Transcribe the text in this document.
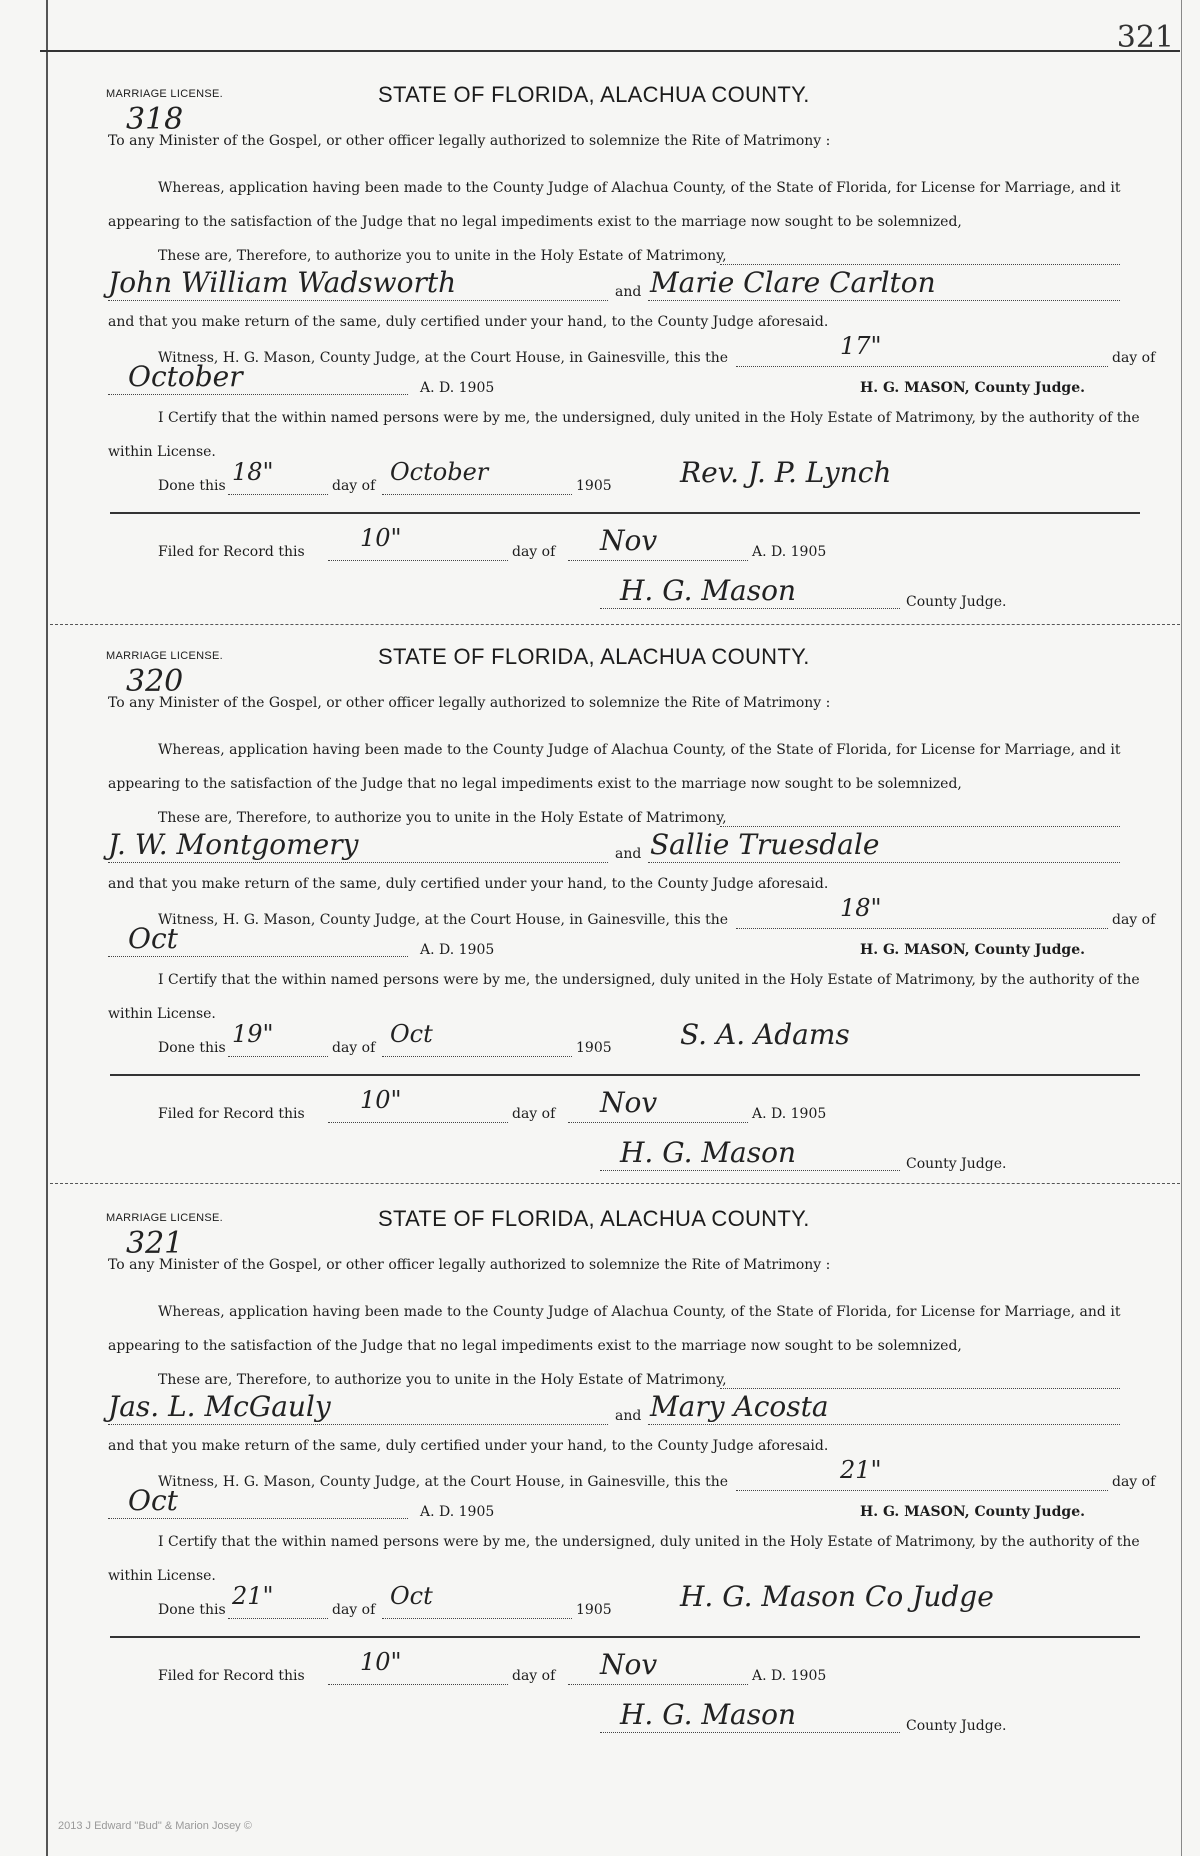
321
MARRIAGE LICENSE.
318
STATE OF FLORIDA, ALACHUA COUNTY.
To any Minister of the Gospel, or other officer legally authorized to solemnize the Rite of Matrimony :
Whereas, application having been made to the County Judge of Alachua County, of the State of Florida, for License for Marriage, and it
appearing to the satisfaction of the Judge that no legal impediments exist to the marriage now sought to be solemnized,
These are, Therefore, to authorize you to unite in the Holy Estate of Matrimony,
John William Wadsworth	and Marie Clare Carlton
and that you make return of the same, duly certified under your hand, to the County Judge aforesaid.
Witness, H. G. Mason, County Judge, at the Court House, in Gainesville, this the	17"	day of
October	A. D. 1905	H. G. MASON, County Judge.
I Certify that the within named persons were by me, the undersigned, duly united in the Holy Estate of Matrimony, by the authority of the
within License.
Done this 18"	day of October	1905 Rev. J. P. Lynch
Filed for Record this 10"	day of Nov	A. D. 1905
H. G. Mason	County Judge.
MARRIAGE LICENSE.
320
STATE OF FLORIDA, ALACHUA COUNTY.
To any Minister of the Gospel, or other officer legally authorized to solemnize the Rite of Matrimony :
Whereas, application having been made to the County Judge of Alachua County, of the State of Florida, for License for Marriage, and it
appearing to the satisfaction of the Judge that no legal impediments exist to the marriage now sought to be solemnized,
These are, Therefore, to authorize you to unite in the Holy Estate of Matrimony,
J. W. Montgomery	and Sallie Truesdale
and that you make return of the same, duly certified under your hand, to the County Judge aforesaid.
Witness, H. G. Mason, County Judge, at the Court House, in Gainesville, this the	18"	day of
Oct	A. D. 1905	H. G. MASON, County Judge.
I Certify that the within named persons were by me, the undersigned, duly united in the Holy Estate of Matrimony, by the authority of the
within License.
Done this 19"	day of Oct	1905 S. A. Adams
Filed for Record this 10"	day of Nov	A. D. 1905
H. G. Mason	County Judge.
MARRIAGE LICENSE.
321
STATE OF FLORIDA, ALACHUA COUNTY.
To any Minister of the Gospel, or other officer legally authorized to solemnize the Rite of Matrimony :
Whereas, application having been made to the County Judge of Alachua County, of the State of Florida, for License for Marriage, and it
appearing to the satisfaction of the Judge that no legal impediments exist to the marriage now sought to be solemnized,
These are, Therefore, to authorize you to unite in the Holy Estate of Matrimony,
Jas. L. McGauly	and Mary Acosta
and that you make return of the same, duly certified under your hand, to the County Judge aforesaid.
Witness, H. G. Mason, County Judge, at the Court House, in Gainesville, this the	21"	day of
Oct	A. D. 1905	H. G. MASON, County Judge.
I Certify that the within named persons were by me, the undersigned, duly united in the Holy Estate of Matrimony, by the authority of the
within License.
Done this 21"	day of Oct	1905 H. G. Mason Co Judge
Filed for Record this 10"	day of Nov	A. D. 1905
H. G. Mason	County Judge.
2013 J Edward "Bud" & Marion Josey ©
